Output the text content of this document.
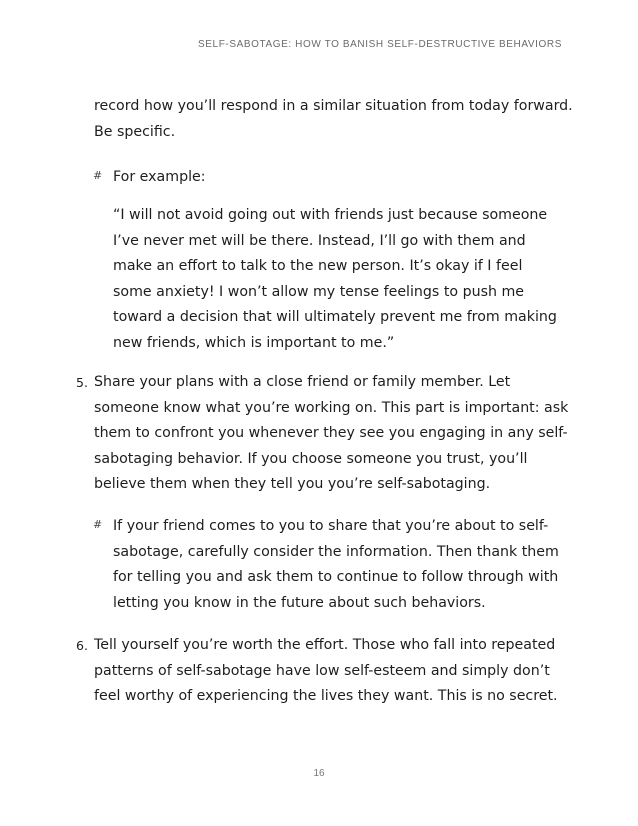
SELF-SABOTAGE: HOW TO BANISH SELF-DESTRUCTIVE BEHAVIORS
record how you’ll respond in a similar situation from today forward. Be specific.
# For example:
“I will not avoid going out with friends just because someone I’ve never met will be there. Instead, I’ll go with them and make an effort to talk to the new person. It’s okay if I feel some anxiety! I won’t allow my tense feelings to push me toward a decision that will ultimately prevent me from making new friends, which is important to me.”
5. Share your plans with a close friend or family member. Let someone know what you’re working on. This part is important: ask them to confront you whenever they see you engaging in any self-sabotaging behavior. If you choose someone you trust, you’ll believe them when they tell you you’re self-sabotaging.
# If your friend comes to you to share that you’re about to self-sabotage, carefully consider the information. Then thank them for telling you and ask them to continue to follow through with letting you know in the future about such behaviors.
6. Tell yourself you’re worth the effort. Those who fall into repeated patterns of self-sabotage have low self-esteem and simply don’t feel worthy of experiencing the lives they want. This is no secret.
16
